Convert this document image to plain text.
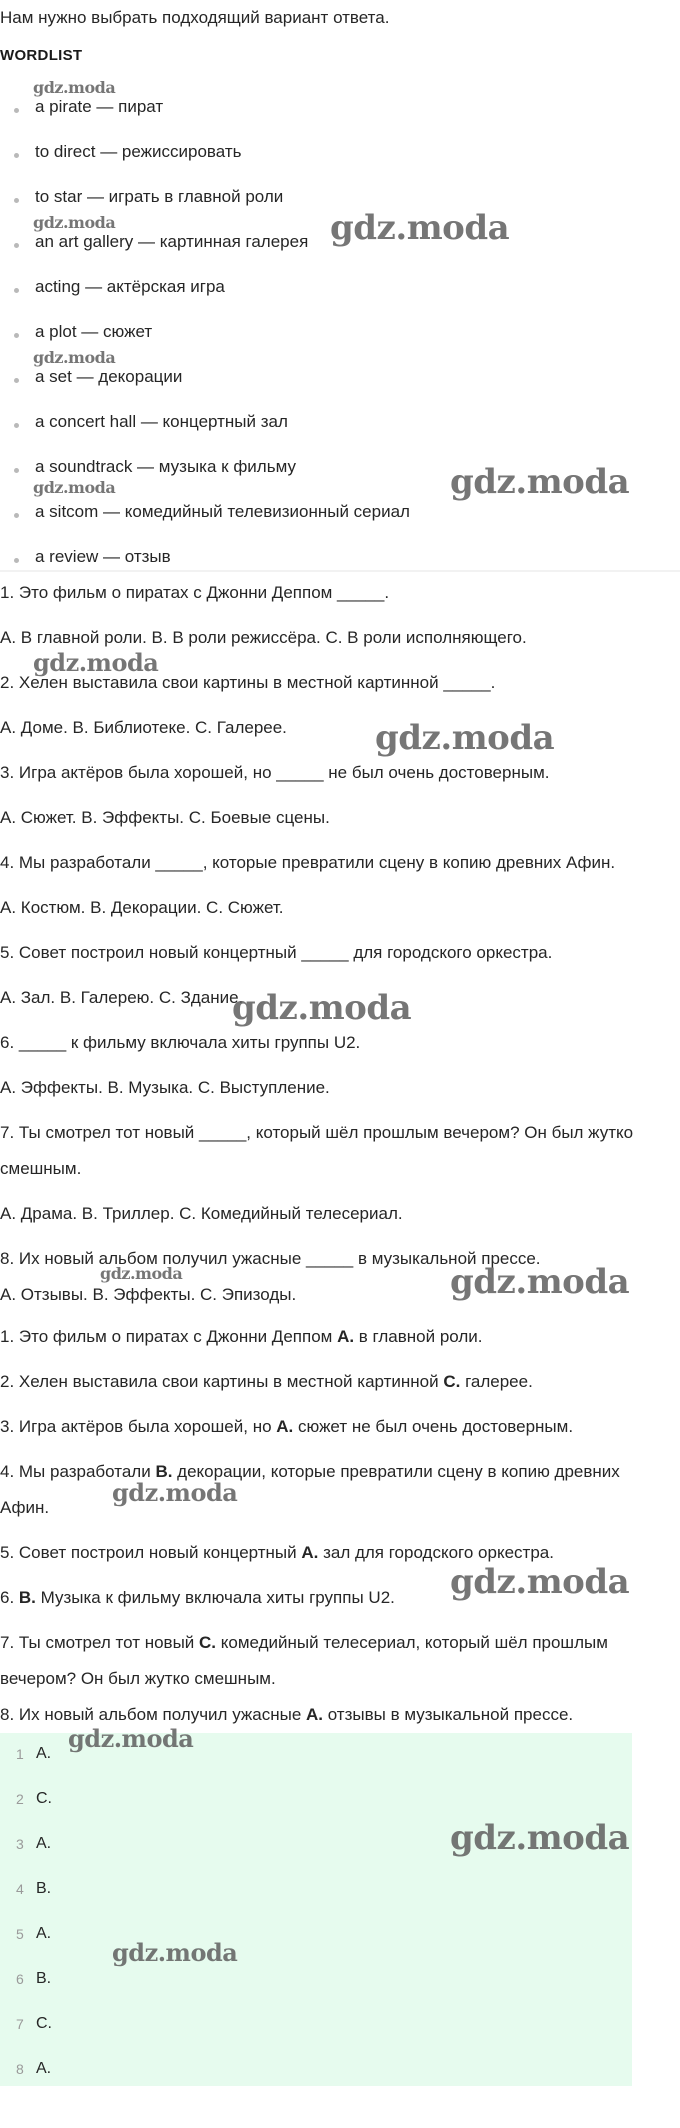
Нам нужно выбрать подходящий вариант ответа.
WORDLIST
a pirate — пират
to direct — режиссировать
to star — играть в главной роли
an art gallery — картинная галерея
acting — актёрская игра
a plot — сюжет
a set — декорации
a concert hall — концертный зал
a soundtrack — музыка к фильму
a sitcom — комедийный телевизионный сериал
a review — отзыв
1. Это фильм о пиратах с Джонни Деппом _____.
A. В главной роли. B. В роли режиссёра. C. В роли исполняющего.
2. Хелен выставила свои картины в местной картинной _____.
A. Доме. B. Библиотеке. C. Галерее.
3. Игра актёров была хорошей, но _____ не был очень достоверным.
A. Сюжет. B. Эффекты. C. Боевые сцены.
4. Мы разработали _____, которые превратили сцену в копию древних Афин.
A. Костюм. B. Декорации. C. Сюжет.
5. Совет построил новый концертный _____ для городского оркестра.
A. Зал. B. Галерею. C. Здание.
6. _____ к фильму включала хиты группы U2.
A. Эффекты. B. Музыка. C. Выступление.
7. Ты смотрел тот новый _____, который шёл прошлым вечером? Он был жутко
смешным.
A. Драма. B. Триллер. C. Комедийный телесериал.
8. Их новый альбом получил ужасные _____ в музыкальной прессе.
A. Отзывы. B. Эффекты. C. Эпизоды.
1. Это фильм о пиратах с Джонни Деппом A. в главной роли.
2. Хелен выставила свои картины в местной картинной C. галерее.
3. Игра актёров была хорошей, но A. сюжет не был очень достоверным.
4. Мы разработали B. декорации, которые превратили сцену в копию древних
Афин.
5. Совет построил новый концертный A. зал для городского оркестра.
6. B. Музыка к фильму включала хиты группы U2.
7. Ты смотрел тот новый C. комедийный телесериал, который шёл прошлым
вечером? Он был жутко смешным.
8. Их новый альбом получил ужасные A. отзывы в музыкальной прессе.
1 A.
2 C.
3 A.
4 B.
5 A.
6 B.
7 C.
8 A.
gdz.moda
gdz.moda	gdz.moda
gdz.moda
gdz.moda	gdz.moda
gdz.moda
gdz.moda
gdz.moda
gdz.moda	gdz.moda
gdz.moda
gdz.moda
gdz.moda
gdz.moda
gdz.moda
